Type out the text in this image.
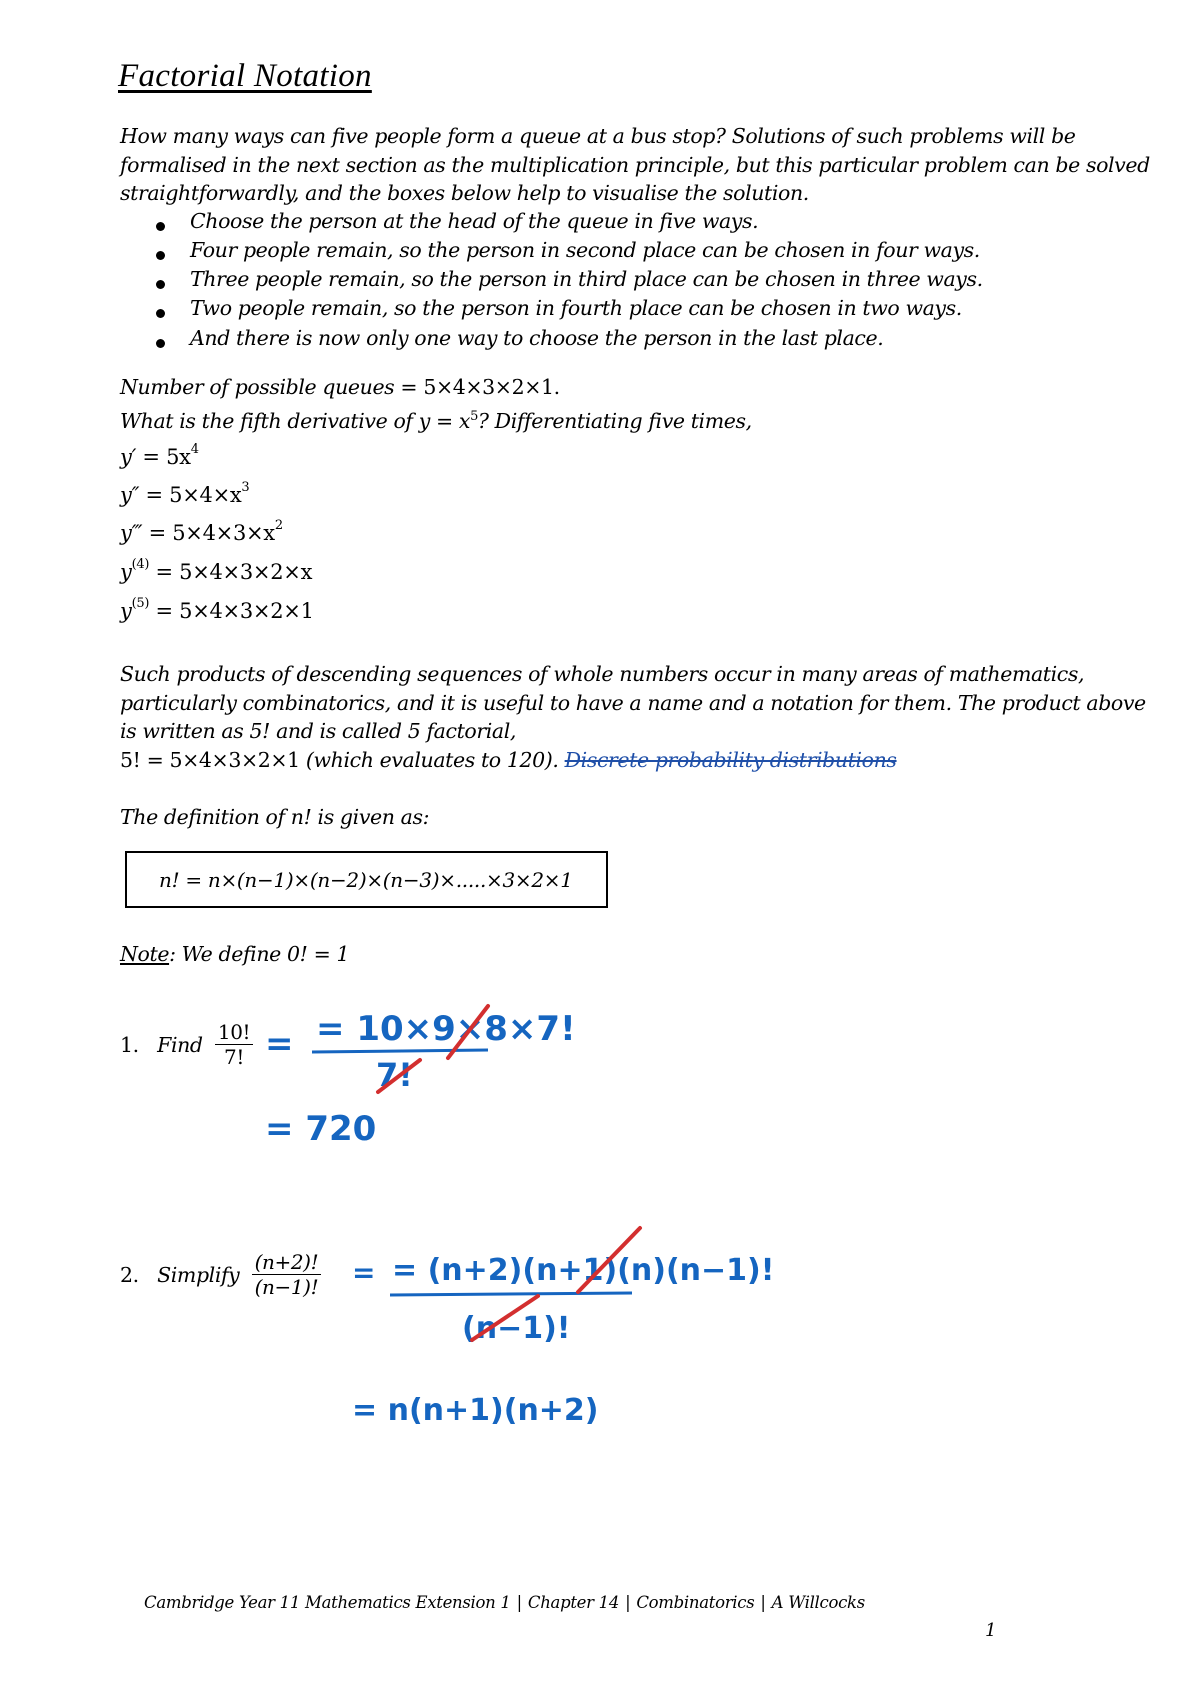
Factorial Notation
How many ways can five people form a queue at a bus stop? Solutions of such problems will be formalised in the next section as the multiplication principle, but this particular problem can be solved straightforwardly, and the boxes below help to visualise the solution.
Choose the person at the head of the queue in five ways.
Four people remain, so the person in second place can be chosen in four ways.
Three people remain, so the person in third place can be chosen in three ways.
Two people remain, so the person in fourth place can be chosen in two ways.
And there is now only one way to choose the person in the last place.
Number of possible queues = 5×4×3×2×1.
What is the fifth derivative of $y = x^5$? Differentiating five times,
$y' = 5x^4$
$y'' = 5\times 4\times x^3$
y‴ = $5\times 4\times 3\times x^2$
$y^{(4)} = 5\times 4\times 3\times 2\times x$
$y^{(5)} = 5\times 4\times 3\times 2\times 1$
Such products of descending sequences of whole numbers occur in many areas of mathematics, particularly combinatorics, and it is useful to have a name and a notation for them. The product above is written as 5! and is called 5 factorial,
5! = 5×4×3×2×1 (which evaluates to 120). Discrete probability distributions
The definition of n! is given as:
n! = n×(n−1)×(n−2)×(n−3)×.....×3×2×1
Note: We define 0! = 1
1.
Find
$\frac{10!}{7!}$
2.
Simplify
$\frac{(n+2)!}{(n-1)!}$
= = 10×9×8×7!
7!
= 720
= = (n+2)(n+1)(n)(n−1)!
(n−1)!
= n(n+1)(n+2)
Cambridge Year 11 Mathematics Extension 1 | Chapter 14 | Combinatorics | A Willcocks
1
